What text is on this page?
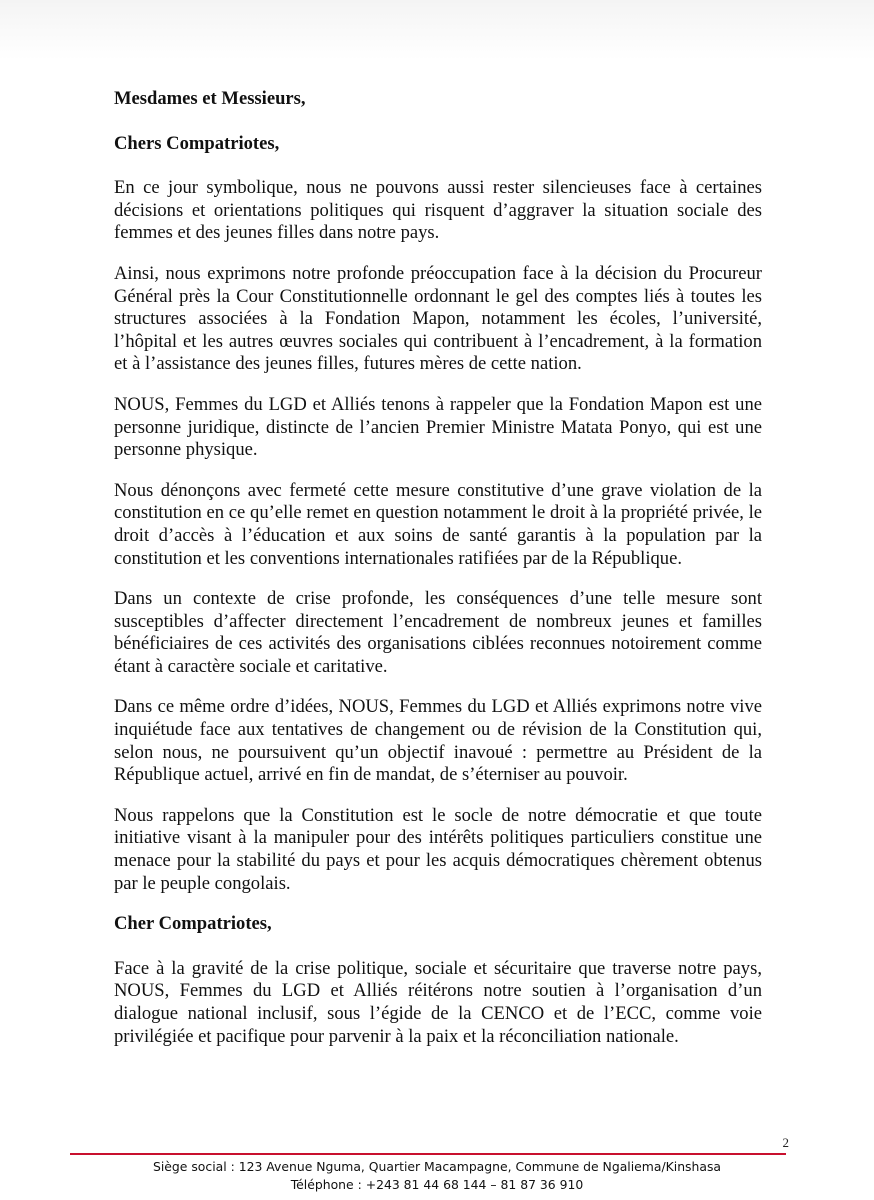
Mesdames et Messieurs,

Chers Compatriotes,

En ce jour symbolique, nous ne pouvons aussi rester silencieuses face à certaines décisions et orientations politiques qui risquent d’aggraver la situation sociale des femmes et des jeunes filles dans notre pays.

Ainsi, nous exprimons notre profonde préoccupation face à la décision du Procureur Général près la Cour Constitutionnelle ordonnant le gel des comptes liés à toutes les structures associées à la Fondation Mapon, notamment les écoles, l’université, l’hôpital et les autres œuvres sociales qui contribuent à l’encadrement, à la formation et à l’assistance des jeunes filles, futures mères de cette nation.

NOUS, Femmes du LGD et Alliés tenons à rappeler que la Fondation Mapon est une personne juridique, distincte de l’ancien Premier Ministre Matata Ponyo, qui est une personne physique.

Nous dénonçons avec fermeté cette mesure constitutive d’une grave violation de la constitution en ce qu’elle remet en question notamment le droit à la propriété privée, le droit d’accès à l’éducation et aux soins de santé garantis à la population par la constitution et les conventions internationales ratifiées par de la République.

Dans un contexte de crise profonde, les conséquences d’une telle mesure sont susceptibles d’affecter directement l’encadrement de nombreux jeunes et familles bénéficiaires de ces activités des organisations ciblées reconnues notoirement comme étant à caractère sociale et caritative.

Dans ce même ordre d’idées, NOUS, Femmes du LGD et Alliés exprimons notre vive inquiétude face aux tentatives de changement ou de révision de la Constitution qui, selon nous, ne poursuivent qu’un objectif inavoué : permettre au Président de la République actuel, arrivé en fin de mandat, de s’éterniser au pouvoir.

Nous rappelons que la Constitution est le socle de notre démocratie et que toute initiative visant à la manipuler pour des intérêts politiques particuliers constitue une menace pour la stabilité du pays et pour les acquis démocratiques chèrement obtenus par le peuple congolais.

Cher Compatriotes,

Face à la gravité de la crise politique, sociale et sécuritaire que traverse notre pays, NOUS, Femmes du LGD et Alliés réitérons notre soutien à l’organisation d’un dialogue national inclusif, sous l’égide de la CENCO et de l’ECC, comme voie privilégiée et pacifique pour parvenir à la paix et la réconciliation nationale.

2
Siège social : 123 Avenue Nguma, Quartier Macampagne, Commune de Ngaliema/Kinshasa
Téléphone : +243 81 44 68 144 – 81 87 36 910
